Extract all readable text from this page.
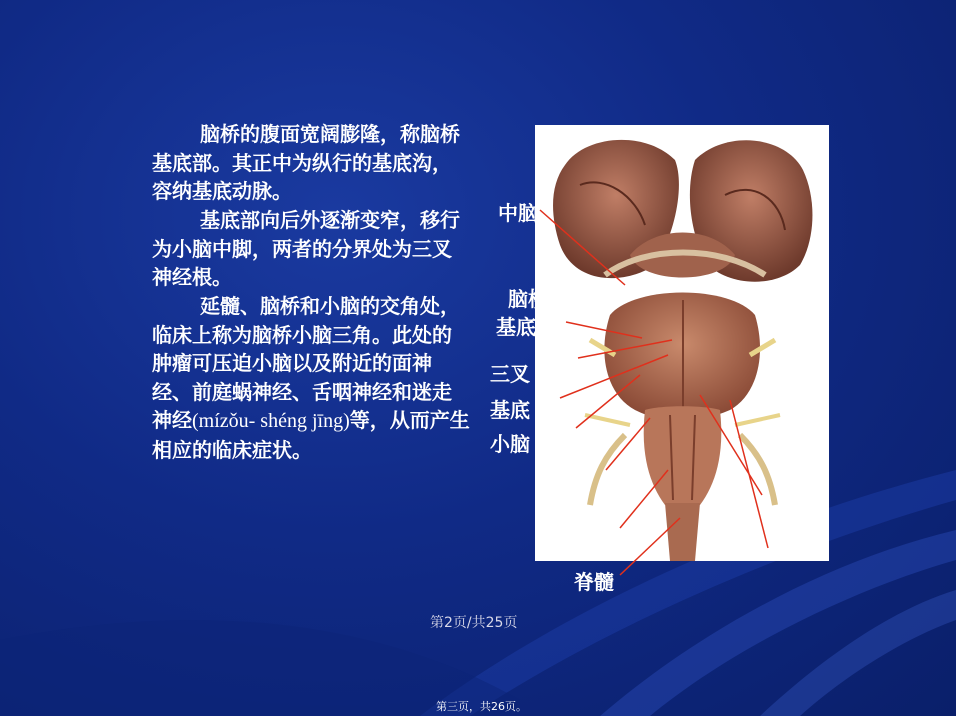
脑桥的腹面宽阔膨隆，称脑桥基底部。其正中为纵行的基底沟，容纳基底动脉。

基底部向后外逐渐变窄，移行为小脑中脚，两者的分界处为三叉神经根。

延髓、脑桥和小脑的交角处，临床上称为脑桥小脑三角。此处的肿瘤可压迫小脑以及附近的面神经、前庭蜗神经、舌咽神经和迷走神经(mízǒu- shéng jīng)等，从而产生相应的临床症状。

中脑
脑桥
基底
三叉
基底
小脑
脊髓
第2页/共25页
第三页，共26页。
